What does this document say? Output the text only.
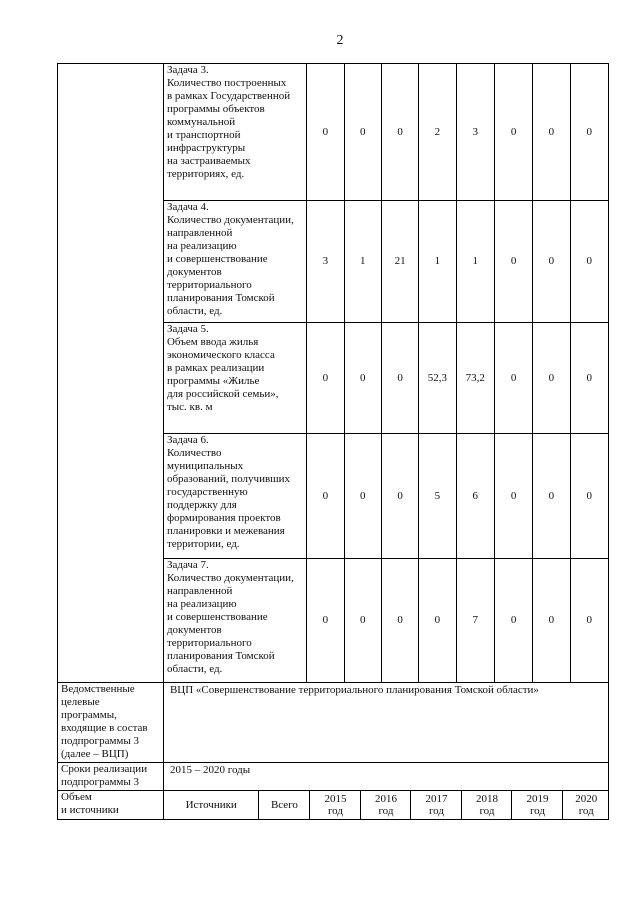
2

Задача 3.

Количество построенных

в рамках Государственной

программы объектов

коммунальной

и транспортной

инфраструктуры

на застраиваемых

территориях, ед.

	0	0	0	2	3	0	0	0

Задача 4.

Количество документации,

направленной

на реализацию

и совершенствование

документов

территориального

планирования Томской

области, ед.

	3	1	21	1	1	0	0	0

Задача 5.

Объем ввода жилья

экономического класса

в рамках реализации

программы «Жилье

для российской семьи»,

тыс. кв. м

	0	0	0	52,3	73,2	0	0	0

Задача 6.

Количество

муниципальных

образований, получивших

государственную

поддержку для

формирования проектов

планировки и межевания

территории, ед.

	0	0	0	5	6	0	0	0

Задача 7.

Количество документации,

направленной

на реализацию

и совершенствование

документов

территориального

планирования Томской

области, ед.

	0	0	0	0	7	0	0	0

Ведомственные

целевые

программы,

входящие в состав

подпрограммы 3

(далее – ВЦП)

	ВЦП «Совершенствование территориального планирования Томской области»

Сроки реализации

подпрограммы 3

	2015 – 2020 годы

Объем

и источники

		Источники	Всего	2015
год	2016
год	2017
год	2018
год	2019
год	2020
год
